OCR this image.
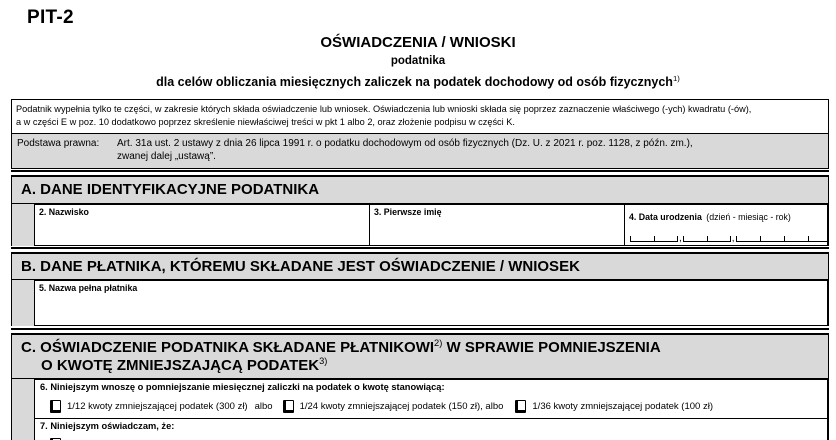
PIT-2
OŚWIADCZENIA / WNIOSKI
podatnika
dla celów obliczania miesięcznych zaliczek na podatek dochodowy od osób fizycznych$^{1)}$
Podatnik wypełnia tylko te części, w zakresie których składa oświadczenie lub wniosek. Oświadczenia lub wnioski składa się poprzez zaznaczenie właściwego (-ych) kwadratu (-ów),
a w części E w poz. 10 dodatkowo poprzez skreślenie niewłaściwej treści w pkt 1 albo 2, oraz złożenie podpisu w części K.
Podstawa prawna:	Art. 31a ust. 2 ustawy z dnia 26 lipca 1991 r. o podatku dochodowym od osób fizycznych (Dz. U. z 2021 r. poz. 1128, z późn. zm.),
zwanej dalej „ustawą”.
A. DANE IDENTYFIKACYJNE PODATNIKA
2. Nazwisko	3. Pierwsze imię	4. Data urodzenia (dzień - miesiąc - rok)
,	,
B. DANE PŁATNIKA, KTÓREMU SKŁADANE JEST OŚWIADCZENIE / WNIOSEK
5. Nazwa pełna płatnika
C. OŚWIADCZENIE PODATNIKA SKŁADANE PŁATNIKOWI$^{2)}$ W SPRAWIE POMNIEJSZENIA
O KWOTĘ ZMNIEJSZAJĄCĄ PODATEK$^{3)}$
6. Niniejszym wnoszę o pomniejszanie miesięcznej zaliczki na podatek o kwotę stanowiącą:
1/12 kwoty zmniejszającej podatek (300 zł) albo	1/24 kwoty zmniejszającej podatek (150 zł), albo	1/36 kwoty zmniejszającej podatek (100 zł)
7. Niniejszym oświadczam, że:
